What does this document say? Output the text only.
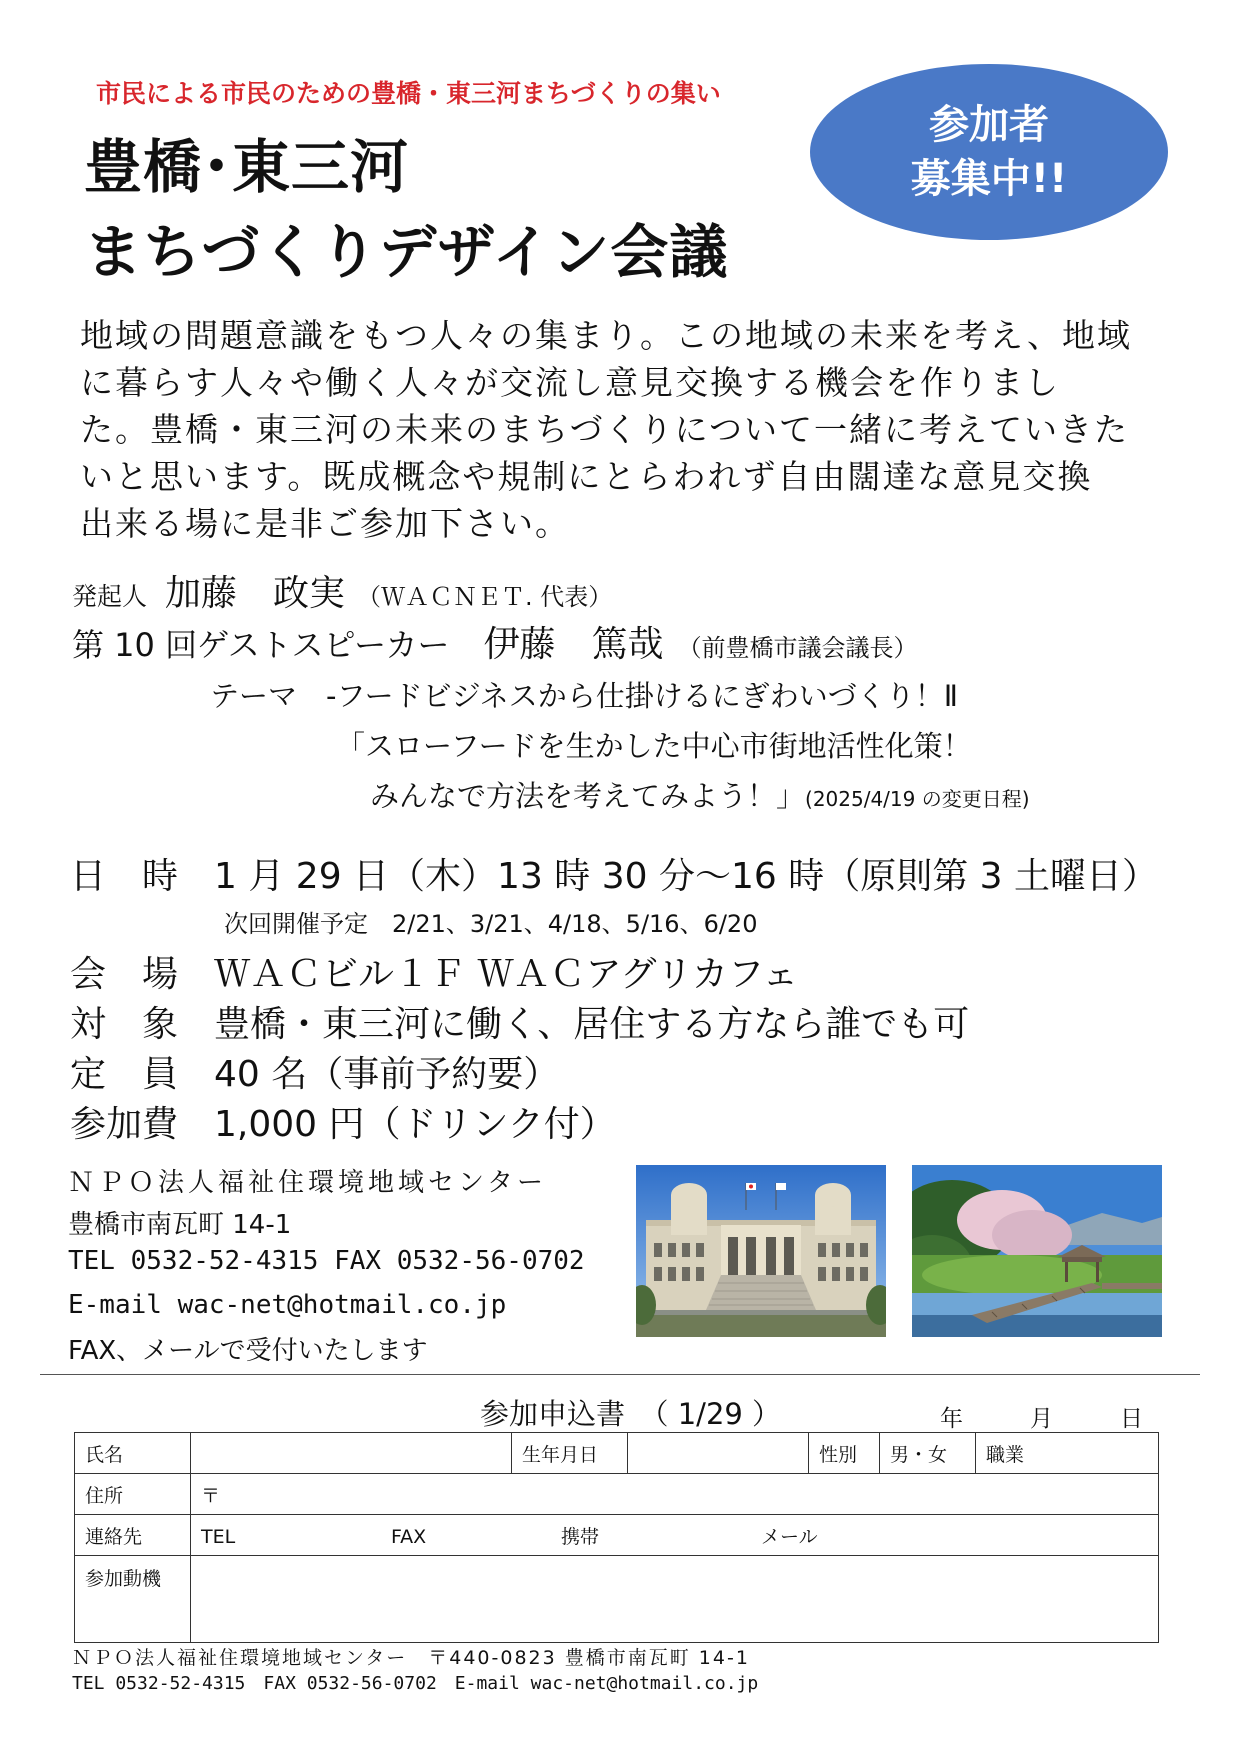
市民による市民のための豊橋・東三河まちづくりの集い
豊橋･東三河
まちづくりデザイン会議
参加者
募集中!!

地域の問題意識をもつ人々の集まり。この地域の未来を考え、地域

に暮らす人々や働く人々が交流し意見交換する機会を作りまし

た。豊橋・東三河の未来のまちづくりについて一緒に考えていきた

いと思います。既成概念や規制にとらわれず自由闊達な意見交換

出来る場に是非ご参加下さい。

発起人 加藤　政実 （ＷＡＣＮＥＴ. 代表）
第 10 回ゲストスピーカー 伊藤　篤哉 （前豊橋市議会議長）
テーマ　‐フードビジネスから仕掛けるにぎわいづくり！Ⅱ
「スローフードを生かした中心市街地活性化策！
みんなで方法を考えてみよう！」(2025/4/19 の変更日程)
日　時　1 月 29 日（木）13 時 30 分～16 時（原則第 3 土曜日）
次回開催予定　2/21、3/21、4/18、5/16、6/20
会　場　ＷＡＣビル１Ｆ ＷＡＣアグリカフェ
対　象　豊橋・東三河に働く、居住する方なら誰でも可
定　員　40 名（事前予約要）
参加費　1,000 円（ドリンク付）
ＮＰＯ法人福祉住環境地域センター
豊橋市南瓦町 14-1
TEL 0532-52-4315 FAX 0532-56-0702
E-mail wac-net@hotmail.co.jp
FAX、メールで受付いたします
参加申込書　（ 1/29 ）	年	月	日
氏名		生年月日		性別	男・女	職業
住所	〒					
連絡先	TEL FAX 携帯 メール					
参加動機						
ＮＰＯ法人福祉住環境地域センター　〒440-0823 豊橋市南瓦町 14-1
TEL 0532-52-4315　FAX 0532-56-0702　E-mail wac-net@hotmail.co.jp
